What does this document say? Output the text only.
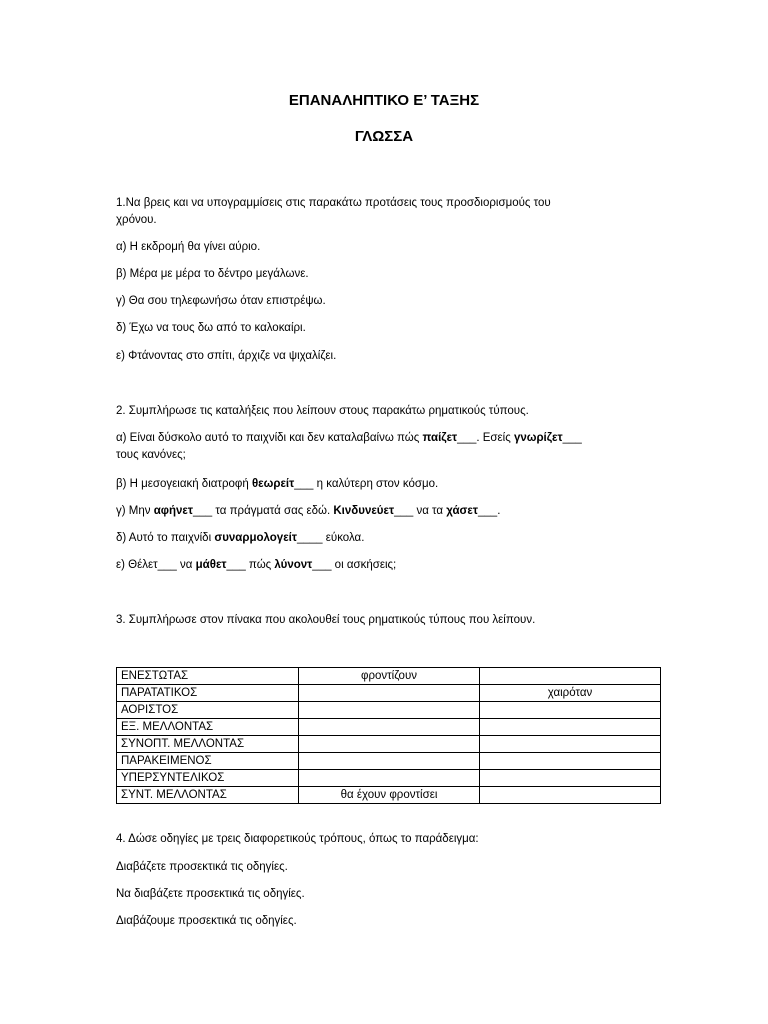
ΕΠΑΝΑΛΗΠΤΙΚΟ Ε’ ΤΑΞΗΣ
ΓΛΩΣΣΑ
1.Να βρεις και να υπογραμμίσεις στις παρακάτω προτάσεις τους προσδιορισμούς του
χρόνου.
α) Η εκδρομή θα γίνει αύριο.
β) Μέρα με μέρα το δέντρο μεγάλωνε.
γ) Θα σου τηλεφωνήσω όταν επιστρέψω.
δ) Έχω να τους δω από το καλοκαίρι.
ε) Φτάνοντας στο σπίτι, άρχιζε να ψιχαλίζει.
2. Συμπλήρωσε τις καταλήξεις που λείπουν στους παρακάτω ρηματικούς τύπους.
α) Είναι δύσκολο αυτό το παιχνίδι και δεν καταλαβαίνω πώς παίζετ___. Εσείς γνωρίζετ___
τους κανόνες;
β) Η μεσογειακή διατροφή θεωρείτ___ η καλύτερη στον κόσμο.
γ) Μην αφήνετ___ τα πράγματά σας εδώ. Κινδυνεύετ___ να τα χάσετ___.
δ) Αυτό το παιχνίδι συναρμολογείτ____ εύκολα.
ε) Θέλετ___ να μάθετ___ πώς λύνοντ___ οι ασκήσεις;
3. Συμπλήρωσε στον πίνακα που ακολουθεί τους ρηματικούς τύπους που λείπουν.
ΕΝΕΣΤΩΤΑΣ	φροντίζουν	
ΠΑΡΑΤΑΤΙΚΟΣ		χαιρόταν
ΑΟΡΙΣΤΟΣ		
ΕΞ. ΜΕΛΛΟΝΤΑΣ		
ΣΥΝΟΠΤ. ΜΕΛΛΟΝΤΑΣ		
ΠΑΡΑΚΕΙΜΕΝΟΣ		
ΥΠΕΡΣΥΝΤΕΛΙΚΟΣ		
ΣΥΝΤ. ΜΕΛΛΟΝΤΑΣ	θα έχουν φροντίσει	
4. Δώσε οδηγίες με τρεις διαφορετικούς τρόπους, όπως το παράδειγμα:
Διαβάζετε προσεκτικά τις οδηγίες.
Να διαβάζετε προσεκτικά τις οδηγίες.
Διαβάζουμε προσεκτικά τις οδηγίες.
